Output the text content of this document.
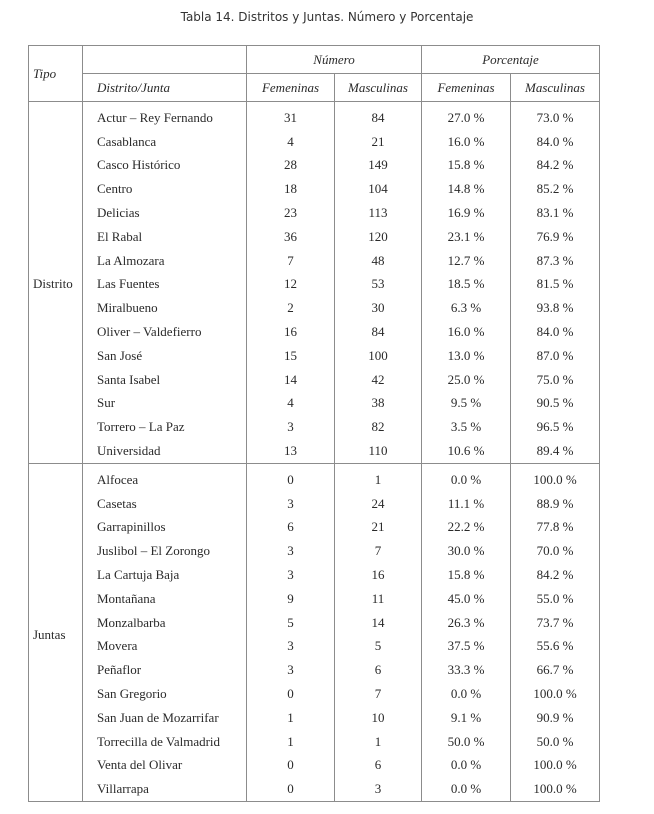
Tabla 14. Distritos y Juntas. Número y Porcentaje
Tipo		Número		Porcentaje	
	Distrito/Junta	Femeninas	Masculinas	Femeninas	Masculinas
Distrito	Actur – Rey Fernando	31	84	27.0 %	73.0 %
	Casablanca	4	21	16.0 %	84.0 %
	Casco Histórico	28	149	15.8 %	84.2 %
	Centro	18	104	14.8 %	85.2 %
	Delicias	23	113	16.9 %	83.1 %
	El Rabal	36	120	23.1 %	76.9 %
	La Almozara	7	48	12.7 %	87.3 %
	Las Fuentes	12	53	18.5 %	81.5 %
	Miralbueno	2	30	6.3 %	93.8 %
	Oliver – Valdefierro	16	84	16.0 %	84.0 %
	San José	15	100	13.0 %	87.0 %
	Santa Isabel	14	42	25.0 %	75.0 %
	Sur	4	38	9.5 %	90.5 %
	Torrero – La Paz	3	82	3.5 %	96.5 %
	Universidad	13	110	10.6 %	89.4 %
Juntas	Alfocea	0	1	0.0 %	100.0 %
	Casetas	3	24	11.1 %	88.9 %
	Garrapinillos	6	21	22.2 %	77.8 %
	Juslibol – El Zorongo	3	7	30.0 %	70.0 %
	La Cartuja Baja	3	16	15.8 %	84.2 %
	Montañana	9	11	45.0 %	55.0 %
	Monzalbarba	5	14	26.3 %	73.7 %
	Movera	3	5	37.5 %	55.6 %
	Peñaflor	3	6	33.3 %	66.7 %
	San Gregorio	0	7	0.0 %	100.0 %
	San Juan de Mozarrifar	1	10	9.1 %	90.9 %
	Torrecilla de Valmadrid	1	1	50.0 %	50.0 %
	Venta del Olivar	0	6	0.0 %	100.0 %
	Villarrapa	0	3	0.0 %	100.0 %
